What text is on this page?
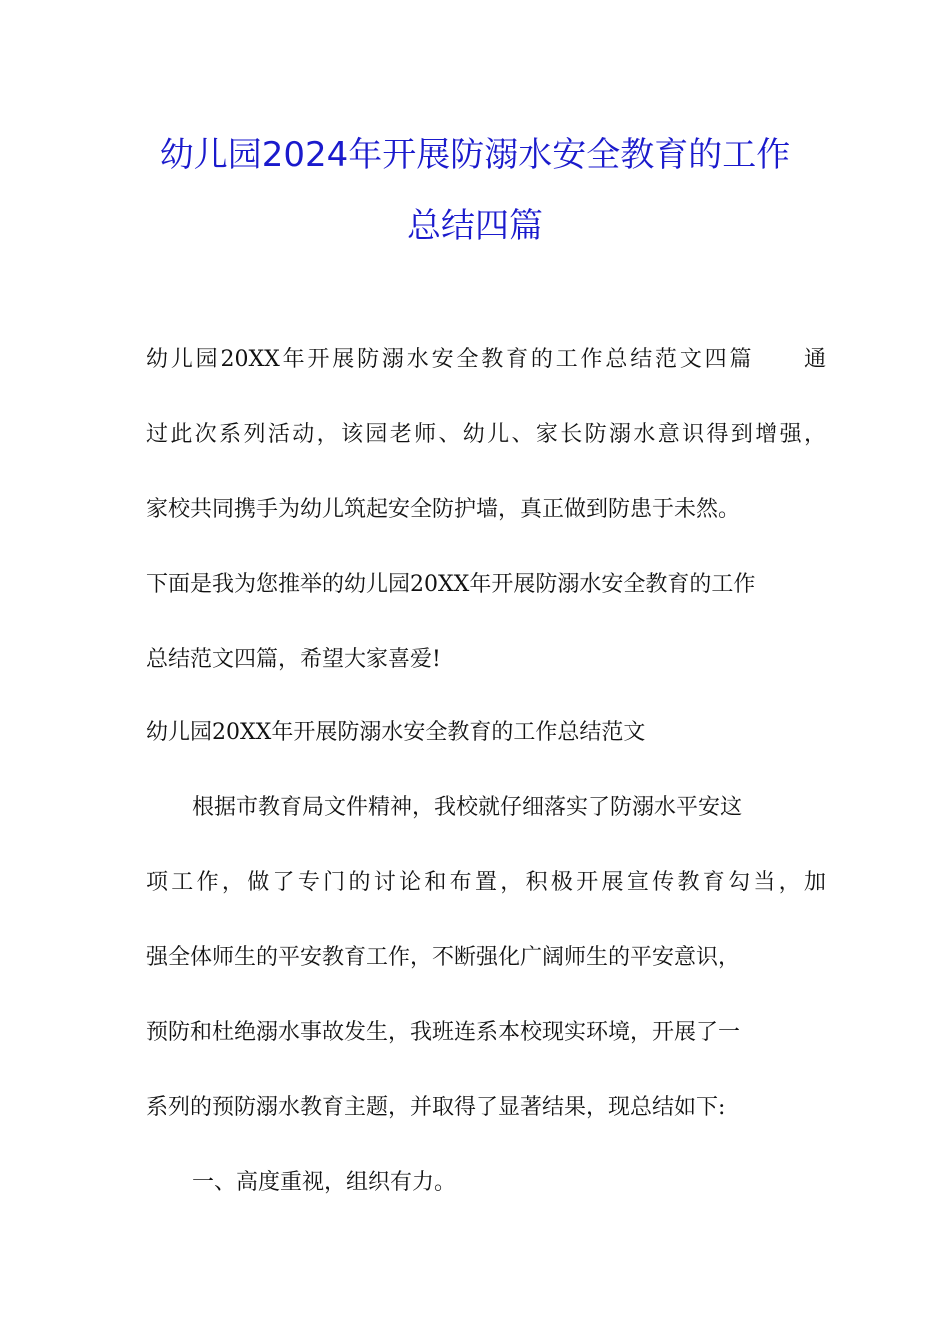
幼儿园2024年开展防溺水安全教育的工作
总结四篇
幼儿园20XX年开展防溺水安全教育的工作总结范文四篇　　通
过此次系列活动，该园老师、幼儿、家长防溺水意识得到增强，
家校共同携手为幼儿筑起安全防护墙，真正做到防患于未然。
下面是我为您推举的幼儿园20XX年开展防溺水安全教育的工作
总结范文四篇，希望大家喜爱!
幼儿园20XX年开展防溺水安全教育的工作总结范文
根据市教育局文件精神，我校就仔细落实了防溺水平安这
项工作，做了专门的讨论和布置，积极开展宣传教育勾当，加
强全体师生的平安教育工作，不断强化广阔师生的平安意识，
预防和杜绝溺水事故发生，我班连系本校现实环境，开展了一
系列的预防溺水教育主题，并取得了显著结果，现总结如下:
一、高度重视，组织有力。
